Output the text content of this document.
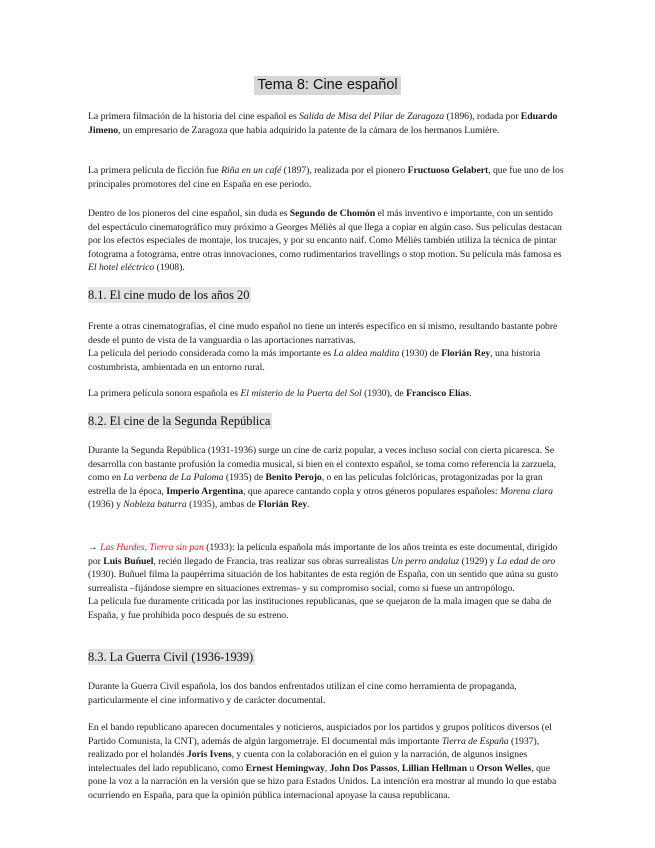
Tema 8: Cine español

La primera filmación de la historia del cine español es Salida de Misa del Pilar de Zaragoza (1896), rodada por Eduardo Jimeno, un empresario de Zaragoza que había adquirido la patente de la cámara de los hermanos Lumière.

La primera película de ficción fue Riña en un café (1897), realizada por el pionero Fructuoso Gelabert, que fue uno de los principales promotores del cine en España en ese periodo.

Dentro de los pioneros del cine español, sin duda es Segundo de Chomón el más inventivo e importante, con un sentido del espectáculo cinematográfico muy próximo a Georges Méliès al que llega a copiar en algún caso. Sus películas destacan por los efectos especiales de montaje, los trucajes, y por su encanto naif. Como Méliès también utiliza la técnica de pintar fotograma a fotograma, entre otras innovaciones, como rudimentarios travellings o stop motion. Su película más famosa es El hotel eléctrico (1908).

8.1. El cine mudo de los años 20

Frente a otras cinematografías, el cine mudo español no tiene un interés específico en sí mismo, resultando bastante pobre desde el punto de vista de la vanguardia o las aportaciones narrativas.
La película del periodo considerada como la más importante es La aldea maldita (1930) de Florián Rey, una historia costumbrista, ambientada en un entorno rural.

La primera película sonora española es El misterio de la Puerta del Sol (1930), de Francisco Elías.

8.2. El cine de la Segunda República

Durante la Segunda República (1931-1936) surge un cine de cariz popular, a veces incluso social con cierta picaresca. Se desarrolla con bastante profusión la comedia musical, si bien en el contexto español, se toma como referencia la zarzuela, como en La verbena de La Paloma (1935) de Benito Perojo, o en las películas folclóricas, protagonizadas por la gran estrella de la época, Imperio Argentina, que aparece cantando copla y otros géneros populares españoles: Morena clara (1936) y Nobleza baturra (1935), ambas de Florián Rey.

→ Las Hurdes, Tierra sin pan (1933): la película española más importante de los años treinta es este documental, dirigido por Luis Buñuel, recién llegado de Francia, tras realizar sus obras surrealistas Un perro andaluz (1929) y La edad de oro (1930). Buñuel filma la paupérrima situación de los habitantes de esta región de España, con un sentido que aúna su gusto surrealista –fijándose siempre en situaciones extremas- y su compromiso social, como si fuese un antropólogo.
La película fue duramente criticada por las instituciones republicanas, que se quejaron de la mala imagen que se daba de España, y fue prohibida poco después de su estreno.

8.3. La Guerra Civil (1936-1939)

Durante la Guerra Civil española, los dos bandos enfrentados utilizan el cine como herramienta de propaganda, particularmente el cine informativo y de carácter documental.

En el bando republicano aparecen documentales y noticieros, auspiciados por los partidos y grupos políticos diversos (el Partido Comunista, la CNT), además de algún largometraje. El documental más importante Tierra de España (1937), realizado por el holandés Joris Ivens, y cuenta con la colaboración en el guion y la narración, de algunos insignes intelectuales del lado republicano, como Ernest Hemingway, John Dos Passos, Lillian Hellman u Orson Welles, que pone la voz a la narración en la versión que se hizo para Estados Unidos. La intención era mostrar al mundo lo que estaba ocurriendo en España, para que la opinión pública internacional apoyase la causa republicana.
